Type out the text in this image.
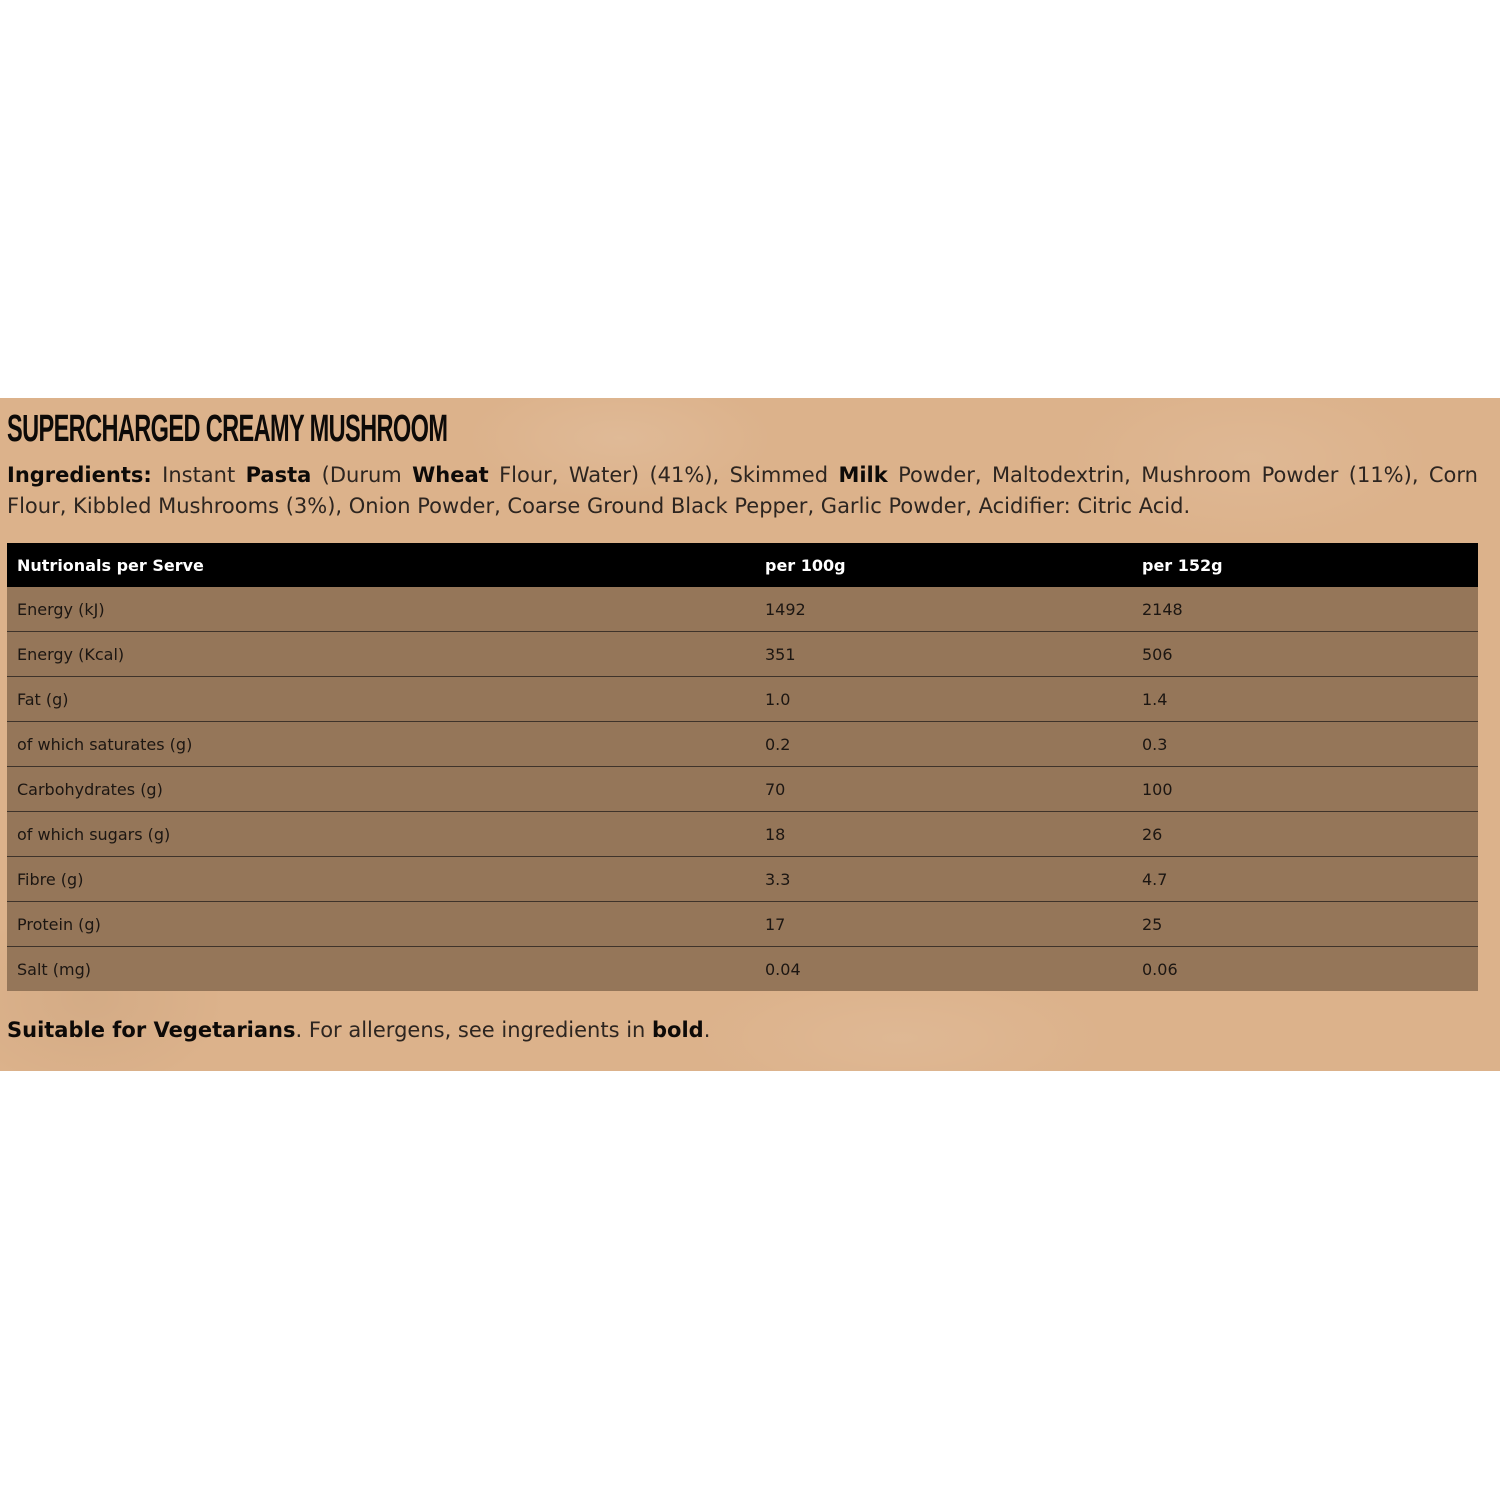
SUPERCHARGED CREAMY MUSHROOM

Ingredients: Instant Pasta (Durum Wheat Flour, Water) (41%), Skimmed Milk Powder, Maltodextrin, Mushroom Powder (11%), Corn Flour, Kibbled Mushrooms (3%), Onion Powder, Coarse Ground Black Pepper, Garlic Powder, Acidifier: Citric Acid.

Nutrionals per Serve	per 100g	per 152g
Energy (kJ)	1492	2148
Energy (Kcal)	351	506
Fat (g)	1.0	1.4
of which saturates (g)	0.2	0.3
Carbohydrates (g)	70	100
of which sugars (g)	18	26
Fibre (g)	3.3	4.7
Protein (g)	17	25
Salt (mg)	0.04	0.06

Suitable for Vegetarians. For allergens, see ingredients in bold.
